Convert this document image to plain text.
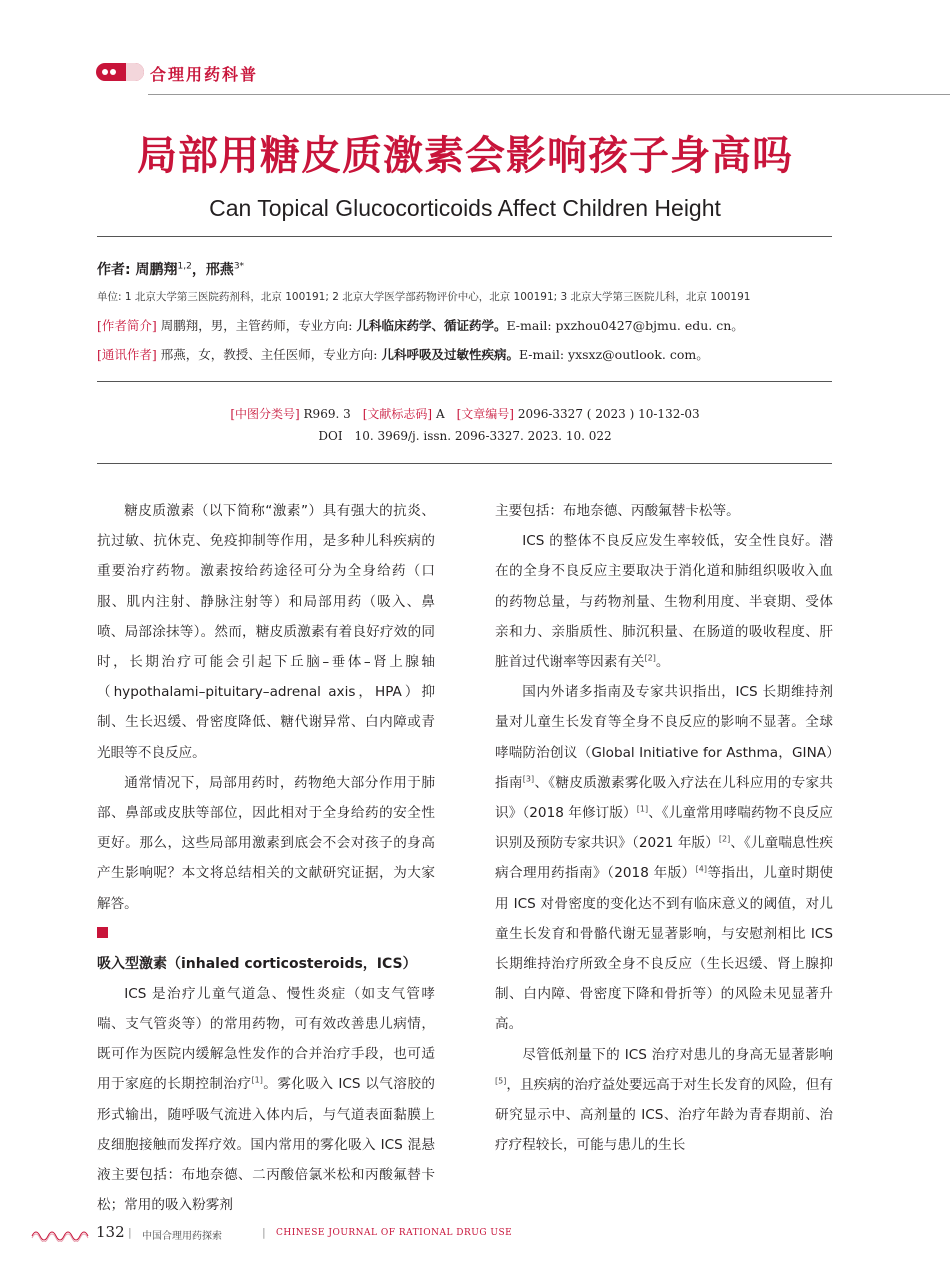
合理用药科普
局部用糖皮质激素会影响孩子身高吗
Can Topical Glucocorticoids Affect Children Height
作者: 周鹏翔$^{1,2}$，邢燕$^{3*}$
单位: 1 北京大学第三医院药剂科，北京 100191; 2 北京大学医学部药物评价中心，北京 100191; 3 北京大学第三医院儿科，北京 100191
[作者简介] 周鹏翔，男，主管药师，专业方向: 儿科临床药学、循证药学。E-mail: pxzhou0427@bjmu. edu. cn。
[通讯作者] 邢燕，女，教授、主任医师，专业方向: 儿科呼吸及过敏性疾病。E-mail: yxsxz@outlook. com。
[中图分类号] R969. 3　 [文献标志码] A　 [文章编号] 2096-3327 ( 2023 ) 10-132-03
DOI　10. 3969/j. issn. 2096-3327. 2023. 10. 022

糖皮质激素（以下简称“激素”）具有强大的抗炎、抗过敏、抗休克、免疫抑制等作用，是多种儿科疾病的重要治疗药物。激素按给药途径可分为全身给药（口服、肌内注射、静脉注射等）和局部用药（吸入、鼻喷、局部涂抹等）。然而，糖皮质激素有着良好疗效的同时，长期治疗可能会引起下丘脑–垂体–肾上腺轴（hypothalami–pituitary–adrenal axis，HPA）抑制、生长迟缓、骨密度降低、糖代谢异常、白内障或青光眼等不良反应。

通常情况下，局部用药时，药物绝大部分作用于肺部、鼻部或皮肤等部位，因此相对于全身给药的安全性更好。那么，这些局部用激素到底会不会对孩子的身高产生影响呢？本文将总结相关的文献研究证据，为大家解答。

吸入型激素（inhaled corticosteroids，ICS）

ICS 是治疗儿童气道急、慢性炎症（如支气管哮喘、支气管炎等）的常用药物，可有效改善患儿病情，既可作为医院内缓解急性发作的合并治疗手段，也可适用于家庭的长期控制治疗[1]。雾化吸入 ICS 以气溶胶的形式输出，随呼吸气流进入体内后，与气道表面黏膜上皮细胞接触而发挥疗效。国内常用的雾化吸入 ICS 混悬液主要包括：布地奈德、二丙酸倍氯米松和丙酸氟替卡松；常用的吸入粉雾剂

主要包括：布地奈德、丙酸氟替卡松等。

ICS 的整体不良反应发生率较低，安全性良好。潜在的全身不良反应主要取决于消化道和肺组织吸收入血的药物总量，与药物剂量、生物利用度、半衰期、受体亲和力、亲脂质性、肺沉积量、在肠道的吸收程度、肝脏首过代谢率等因素有关[2]。

国内外诸多指南及专家共识指出，ICS 长期维持剂量对儿童生长发育等全身不良反应的影响不显著。全球哮喘防治创议（Global Initiative for Asthma，GINA）指南[3]、《糖皮质激素雾化吸入疗法在儿科应用的专家共识》（2018 年修订版）[1]、《儿童常用哮喘药物不良反应识别及预防专家共识》（2021 年版）[2]、《儿童喘息性疾病合理用药指南》（2018 年版）[4]等指出，儿童时期使用 ICS 对骨密度的变化达不到有临床意义的阈值，对儿童生长发育和骨骼代谢无显著影响，与安慰剂相比 ICS 长期维持治疗所致全身不良反应（生长迟缓、肾上腺抑制、白内障、骨密度下降和骨折等）的风险未见显著升高。

尽管低剂量下的 ICS 治疗对患儿的身高无显著影响[5]，且疾病的治疗益处要远高于对生长发育的风险，但有研究显示中、高剂量的 ICS、治疗年龄为青春期前、治疗疗程较长，可能与患儿的生长

132 | 中国合理用药探索	| CHINESE JOURNAL OF RATIONAL DRUG USE
